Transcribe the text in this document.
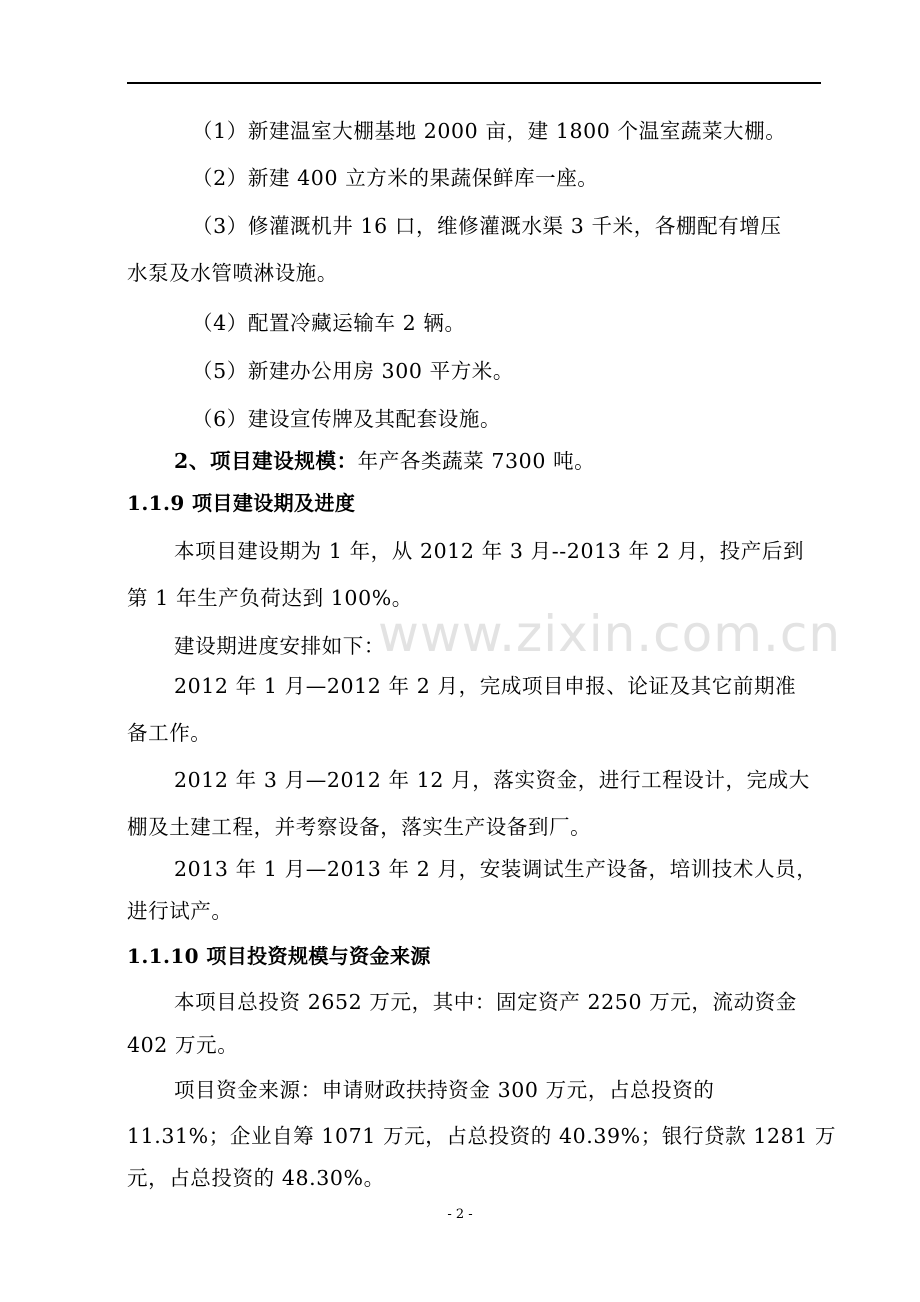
www.zixin.com.cn
（1）新建温室大棚基地 2000 亩，建 1800 个温室蔬菜大棚。
（2）新建 400 立方米的果蔬保鲜库一座。
（3）修灌溉机井 16 口，维修灌溉水渠 3 千米，各棚配有增压
水泵及水管喷淋设施。
（4）配置冷藏运输车 2 辆。
（5）新建办公用房 300 平方米。
（6）建设宣传牌及其配套设施。
2、项目建设规模：年产各类蔬菜 7300 吨。
1.1.9 项目建设期及进度
本项目建设期为 1 年，从 2012 年 3 月--2013 年 2 月，投产后到
第 1 年生产负荷达到 100%。
建设期进度安排如下：
2012 年 1 月—2012 年 2 月，完成项目申报、论证及其它前期准
备工作。
2012 年 3 月—2012 年 12 月，落实资金，进行工程设计，完成大
棚及土建工程，并考察设备，落实生产设备到厂。
2013 年 1 月—2013 年 2 月，安装调试生产设备，培训技术人员，
进行试产。
1.1.10 项目投资规模与资金来源
本项目总投资 2652 万元，其中：固定资产 2250 万元，流动资金
402 万元。
项目资金来源：申请财政扶持资金 300 万元，占总投资的
11.31%；企业自筹 1071 万元，占总投资的 40.39%；银行贷款 1281 万
元，占总投资的 48.30%。
- 2 -
